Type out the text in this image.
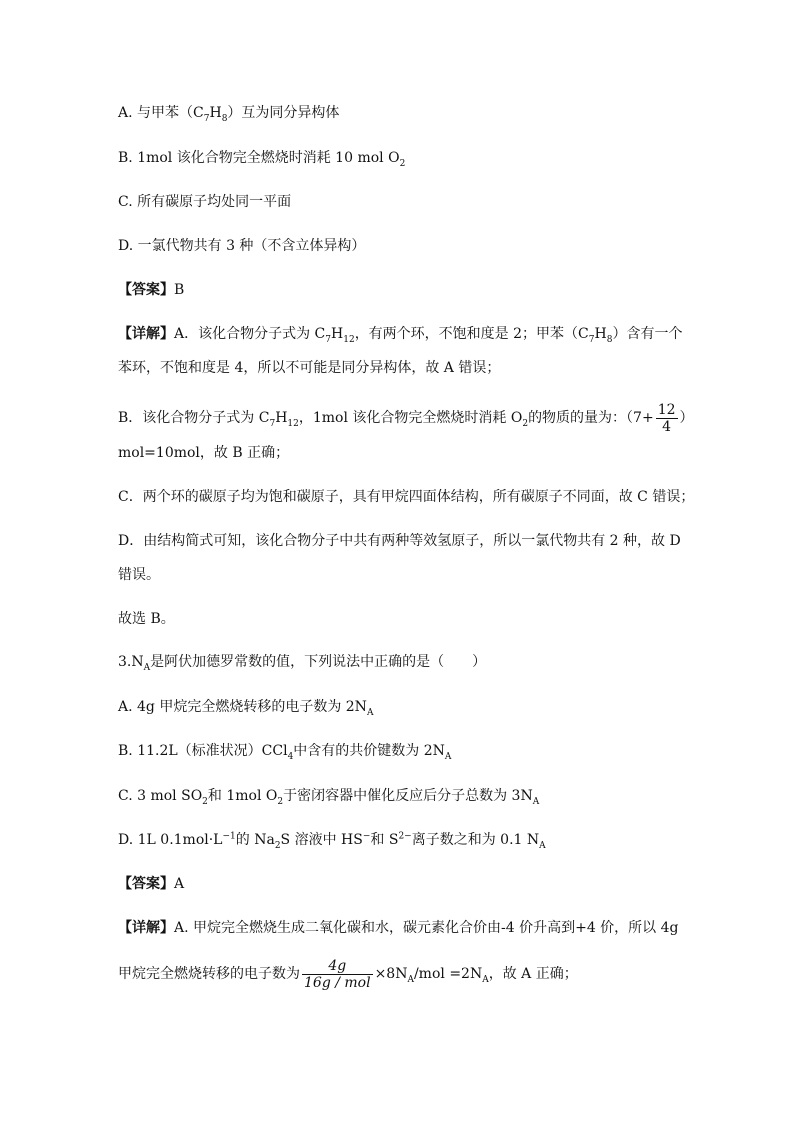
A. 与甲苯$(C_7H_8)$互为同分异构体
B. 1mol 该化合物完全燃烧时消耗 10 mol $O_2$
C. 所有碳原子均处同一平面
D. 一氯代物共有 3 种（不含立体异构）
【答案】B
【详解】A．该化合物分子式为 $C_7H_{12}$，有两个环，不饱和度是 2；甲苯$(C_7H_8)$含有一个
苯环，不饱和度是 4，所以不可能是同分异构体，故 A 错误；
B．该化合物分子式为 $C_7H_{12}$，1mol 该化合物完全燃烧时消耗 $O_2$的物质的量为：（$7+ \frac{12}{4}$ ）
mol=10mol，故 B 正确；
C．两个环的碳原子均为饱和碳原子，具有甲烷四面体结构，所有碳原子不同面，故 C 错误；
D．由结构简式可知，该化合物分子中共有两种等效氢原子，所以一氯代物共有 2 种，故 D
错误。
故选 B。
$3.N_A$是阿伏加德罗常数的值，下列说法中正确的是（　　）
A. 4g 甲烷完全燃烧转移的电子数为 $2N_A$
B. 11.2L（标准状况）CCl$_4$中含有的共价键数为 $2N_A$
C. 3 mol $SO_2$和 1mol $O_2$于密闭容器中催化反应后分子总数为 $3N_A$
D. 1L $0.1mol\cdot L^{-1}$的 $Na_2S$ 溶液中 HS−和 $S^{2-}$离子数之和为 0.1 $N_A$
【答案】A
【详解】A. 甲烷完全燃烧生成二氧化碳和水，碳元素化合价由-4 价升高到+4 价，所以 4g
甲烷完全燃烧转移的电子数为 $\frac{4g}{\text{16g / mol}} \times 8N_A/mol =2N_A$，故 A 正确；
